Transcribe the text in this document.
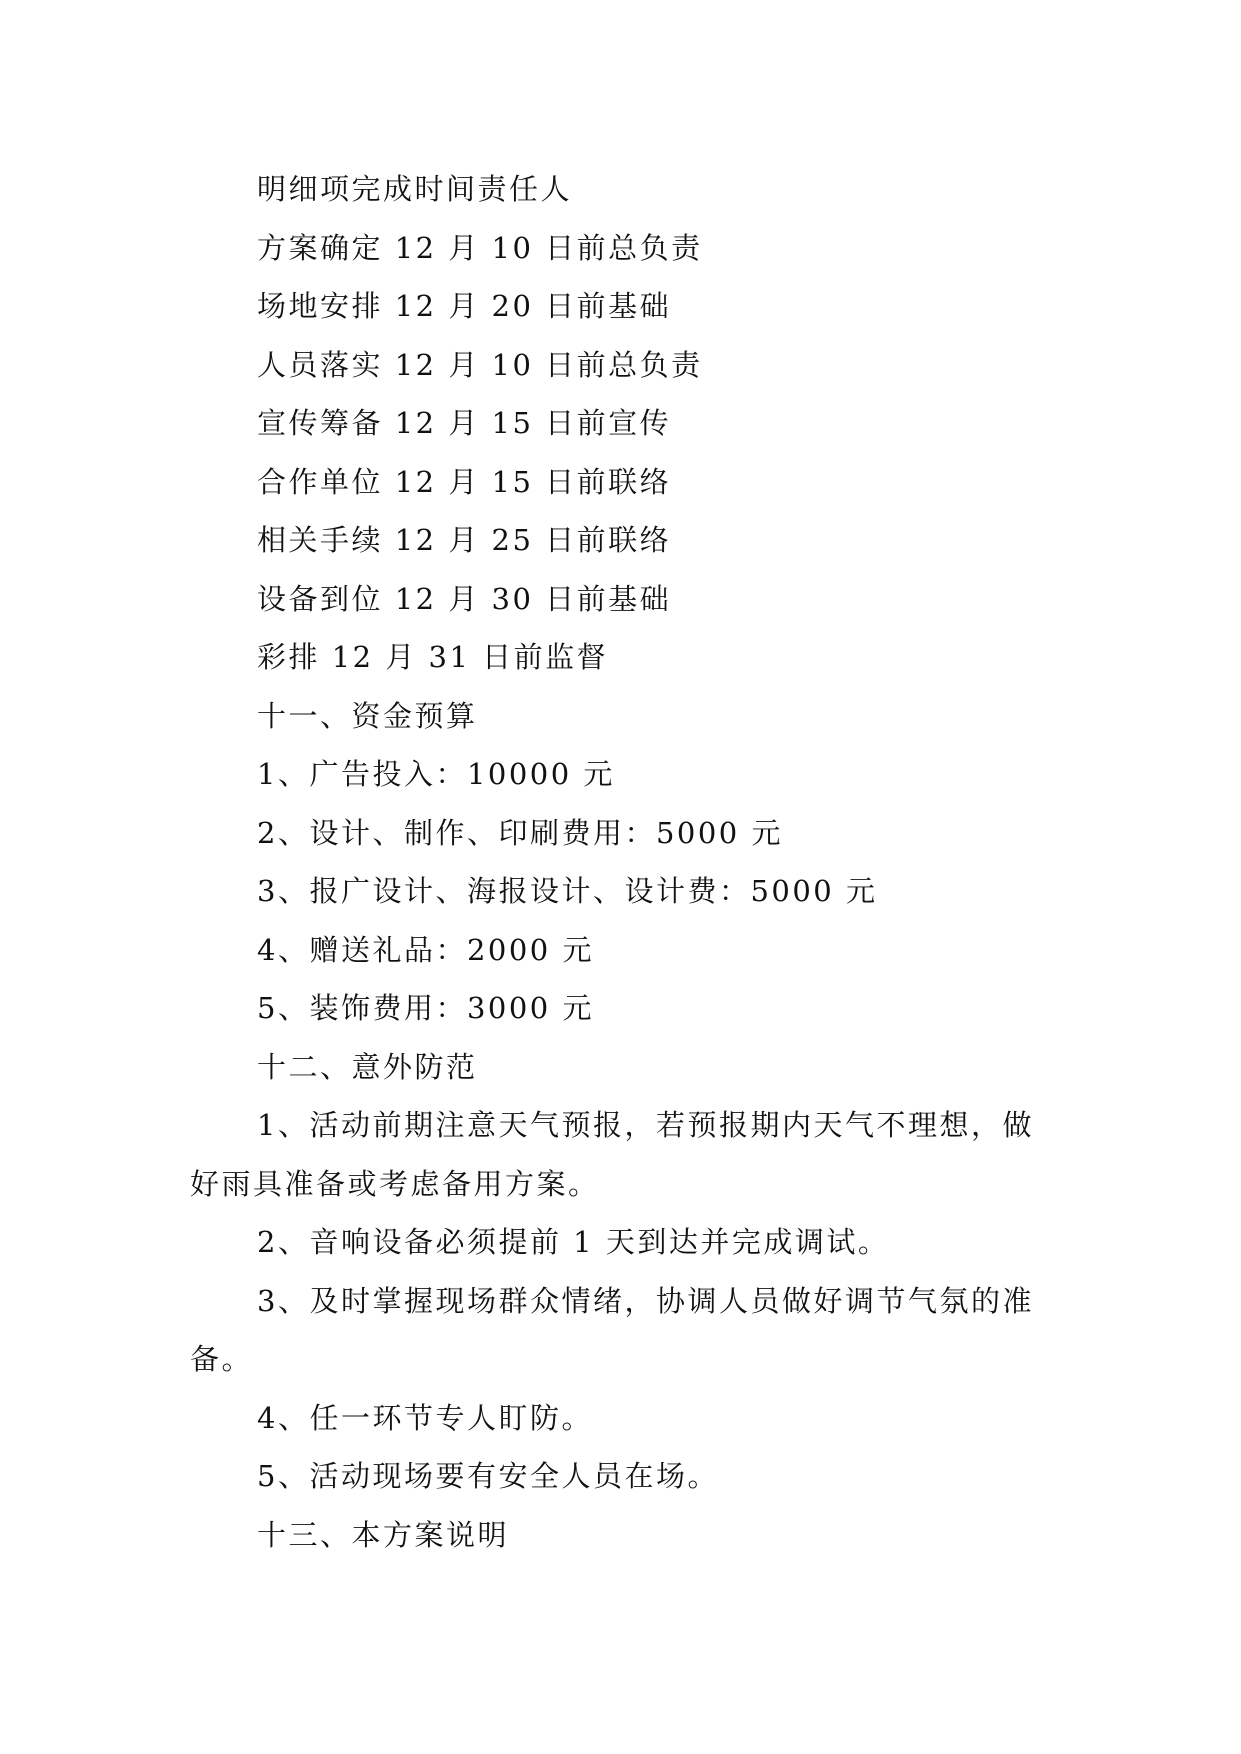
明细项完成时间责任人

方案确定 12 月 10 日前总负责

场地安排 12 月 20 日前基础

人员落实 12 月 10 日前总负责

宣传筹备 12 月 15 日前宣传

合作单位 12 月 15 日前联络

相关手续 12 月 25 日前联络

设备到位 12 月 30 日前基础

彩排 12 月 31 日前监督

十一、资金预算

1、广告投入：10000 元

2、设计、制作、印刷费用：5000 元

3、报广设计、海报设计、设计费：5000 元

4、赠送礼品：2000 元

5、装饰费用：3000 元

十二、意外防范

1、活动前期注意天气预报，若预报期内天气不理想，做好雨具准备或考虑备用方案。

2、音响设备必须提前 1 天到达并完成调试。

3、及时掌握现场群众情绪，协调人员做好调节气氛的准备。

4、任一环节专人盯防。

5、活动现场要有安全人员在场。

十三、本方案说明
